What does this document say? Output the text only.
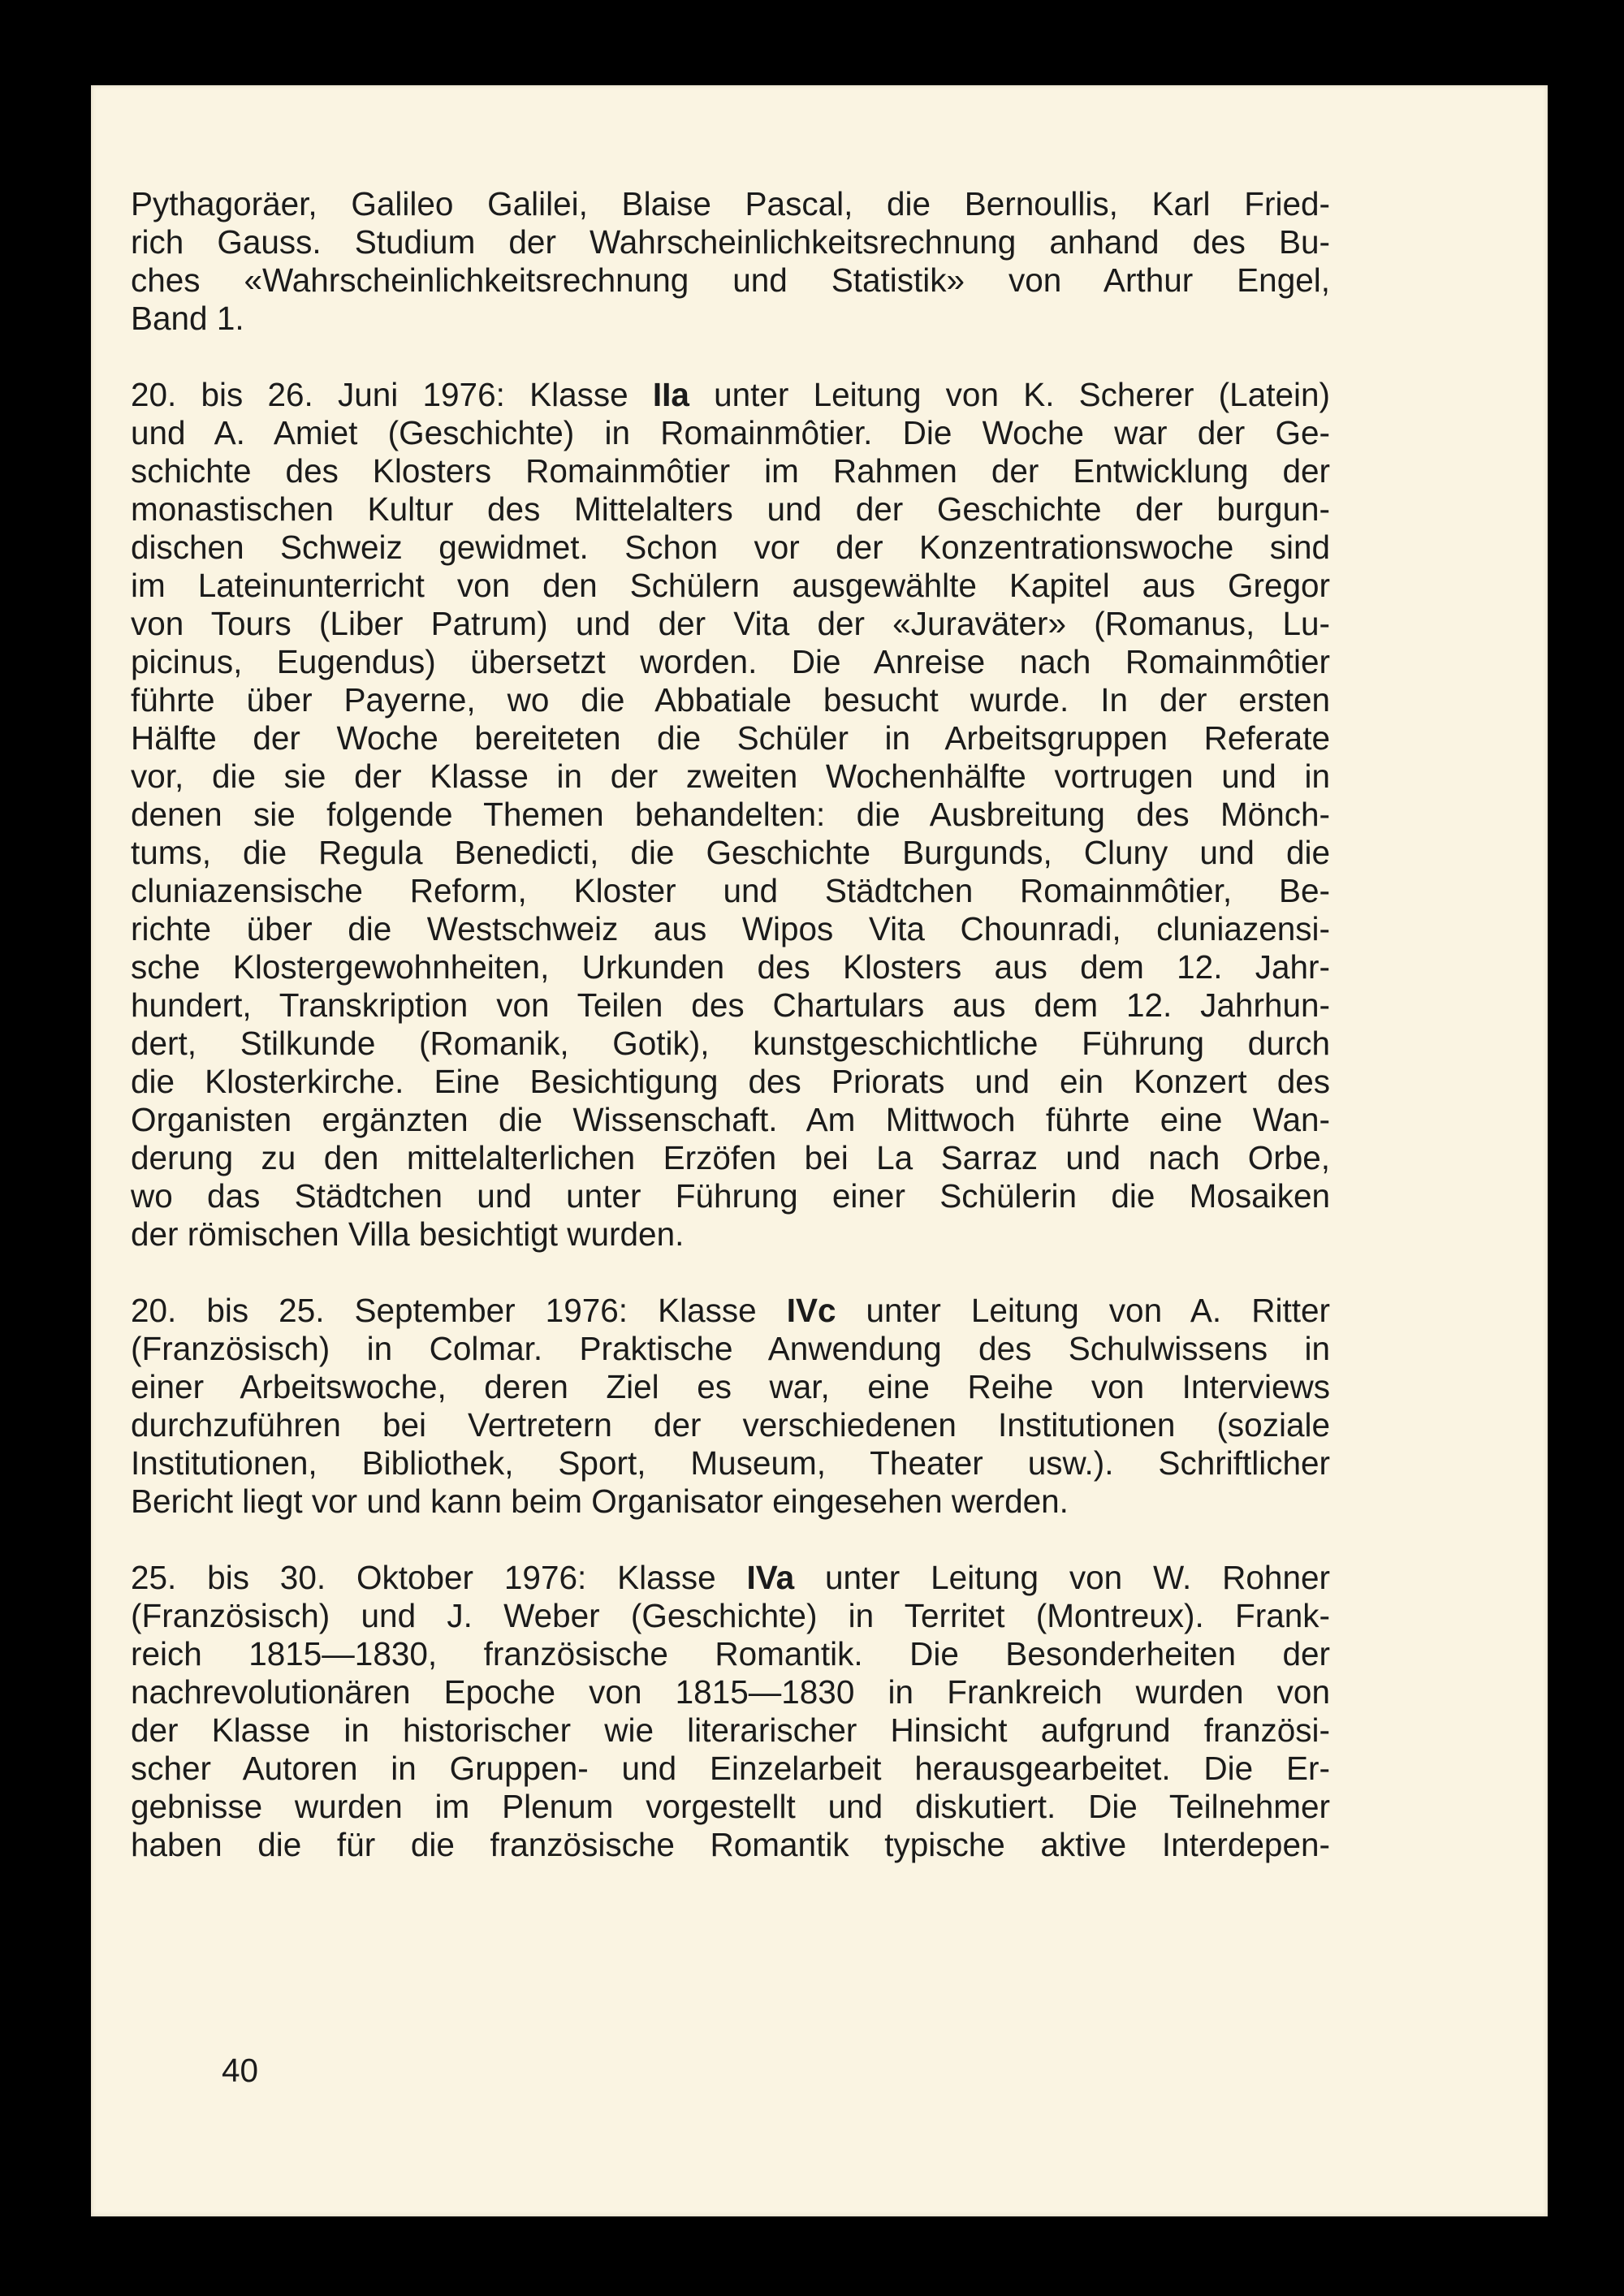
Pythagoräer, Galileo Galilei, Blaise Pascal, die Bernoullis, Karl Fried-
rich Gauss. Studium der Wahrscheinlichkeitsrechnung anhand des Bu-
ches «Wahrscheinlichkeitsrechnung und Statistik» von Arthur Engel,
Band 1.
20. bis 26. Juni 1976: Klasse IIa unter Leitung von K. Scherer (Latein)
und A. Amiet (Geschichte) in Romainmôtier. Die Woche war der Ge-
schichte des Klosters Romainmôtier im Rahmen der Entwicklung der
monastischen Kultur des Mittelalters und der Geschichte der burgun-
dischen Schweiz gewidmet. Schon vor der Konzentrationswoche sind
im Lateinunterricht von den Schülern ausgewählte Kapitel aus Gregor
von Tours (Liber Patrum) und der Vita der «Juraväter» (Romanus, Lu-
picinus, Eugendus) übersetzt worden. Die Anreise nach Romainmôtier
führte über Payerne, wo die Abbatiale besucht wurde. In der ersten
Hälfte der Woche bereiteten die Schüler in Arbeitsgruppen Referate
vor, die sie der Klasse in der zweiten Wochenhälfte vortrugen und in
denen sie folgende Themen behandelten: die Ausbreitung des Mönch-
tums, die Regula Benedicti, die Geschichte Burgunds, Cluny und die
cluniazensische Reform, Kloster und Städtchen Romainmôtier, Be-
richte über die Westschweiz aus Wipos Vita Chounradi, cluniazensi-
sche Klostergewohnheiten, Urkunden des Klosters aus dem 12. Jahr-
hundert, Transkription von Teilen des Chartulars aus dem 12. Jahrhun-
dert, Stilkunde (Romanik, Gotik), kunstgeschichtliche Führung durch
die Klosterkirche. Eine Besichtigung des Priorats und ein Konzert des
Organisten ergänzten die Wissenschaft. Am Mittwoch führte eine Wan-
derung zu den mittelalterlichen Erzöfen bei La Sarraz und nach Orbe,
wo das Städtchen und unter Führung einer Schülerin die Mosaiken
der römischen Villa besichtigt wurden.
20. bis 25. September 1976: Klasse IVc unter Leitung von A. Ritter
(Französisch) in Colmar. Praktische Anwendung des Schulwissens in
einer Arbeitswoche, deren Ziel es war, eine Reihe von Interviews
durchzuführen bei Vertretern der verschiedenen Institutionen (soziale
Institutionen, Bibliothek, Sport, Museum, Theater usw.). Schriftlicher
Bericht liegt vor und kann beim Organisator eingesehen werden.
25. bis 30. Oktober 1976: Klasse IVa unter Leitung von W. Rohner
(Französisch) und J. Weber (Geschichte) in Territet (Montreux). Frank-
reich 1815—1830, französische Romantik. Die Besonderheiten der
nachrevolutionären Epoche von 1815—1830 in Frankreich wurden von
der Klasse in historischer wie literarischer Hinsicht aufgrund französi-
scher Autoren in Gruppen- und Einzelarbeit herausgearbeitet. Die Er-
gebnisse wurden im Plenum vorgestellt und diskutiert. Die Teilnehmer
haben die für die französische Romantik typische aktive Interdepen-
40
